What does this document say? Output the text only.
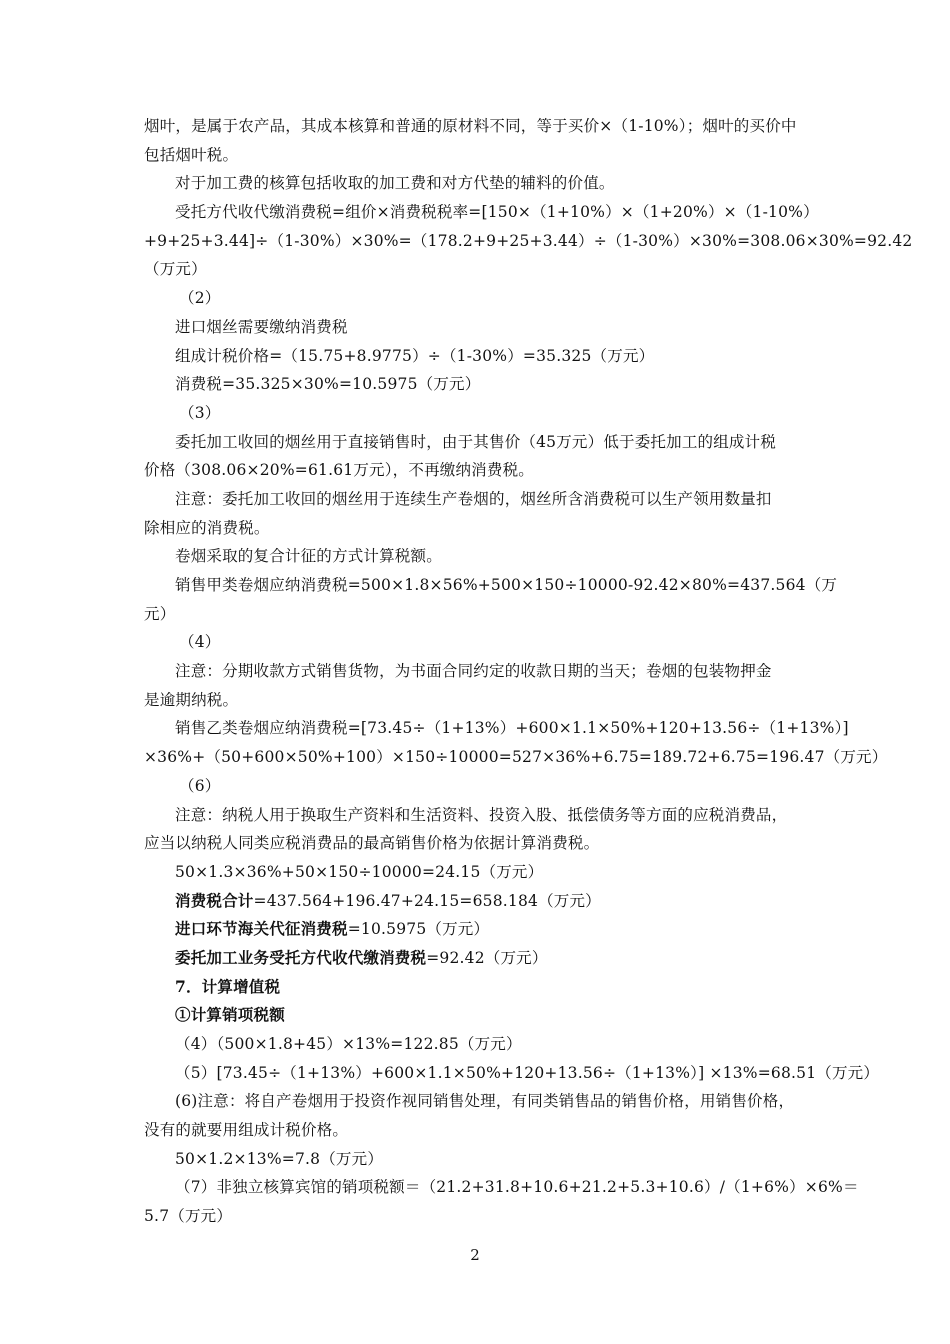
烟叶，是属于农产品，其成本核算和普通的原材料不同，等于买价×（1-10%）；烟叶的买价中
包括烟叶税。
对于加工费的核算包括收取的加工费和对方代垫的辅料的价值。
受托方代收代缴消费税=组价×消费税税率=[150×（1+10%）×（1+20%）×（1-10%）
+9+25+3.44]÷（1-30%）×30%=（178.2+9+25+3.44）÷（1-30%）×30%=308.06×30%=92.42
（万元）
（2）
进口烟丝需要缴纳消费税
组成计税价格=（15.75+8.9775）÷（1-30%）=35.325（万元）
消费税=35.325×30%=10.5975（万元）
（3）
委托加工收回的烟丝用于直接销售时，由于其售价（45万元）低于委托加工的组成计税
价格（308.06×20%=61.61万元），不再缴纳消费税。
注意：委托加工收回的烟丝用于连续生产卷烟的，烟丝所含消费税可以生产领用数量扣
除相应的消费税。
卷烟采取的复合计征的方式计算税额。
销售甲类卷烟应纳消费税=500×1.8×56%+500×150÷10000-92.42×80%=437.564（万
元）
（4）
注意：分期收款方式销售货物，为书面合同约定的收款日期的当天；卷烟的包装物押金
是逾期纳税。
销售乙类卷烟应纳消费税=[73.45÷（1+13%）+600×1.1×50%+120+13.56÷（1+13%）]
×36%+（50+600×50%+100）×150÷10000=527×36%+6.75=189.72+6.75=196.47（万元）
（6）
注意：纳税人用于换取生产资料和生活资料、投资入股、抵偿债务等方面的应税消费品，
应当以纳税人同类应税消费品的最高销售价格为依据计算消费税。
50×1.3×36%+50×150÷10000=24.15（万元）
消费税合计=437.564+196.47+24.15=658.184（万元）
进口环节海关代征消费税=10.5975（万元）
委托加工业务受托方代收代缴消费税=92.42（万元）
7．计算增值税
①计算销项税额
（4）（500×1.8+45）×13%=122.85（万元）
（5）[73.45÷（1+13%）+600×1.1×50%+120+13.56÷（1+13%）] ×13%=68.51（万元）
(6)注意：将自产卷烟用于投资作视同销售处理，有同类销售品的销售价格，用销售价格，
没有的就要用组成计税价格。
50×1.2×13%=7.8（万元）
（7）非独立核算宾馆的销项税额＝（21.2+31.8+10.6+21.2+5.3+10.6）/（1+6%）×6%＝
5.7（万元）
2
